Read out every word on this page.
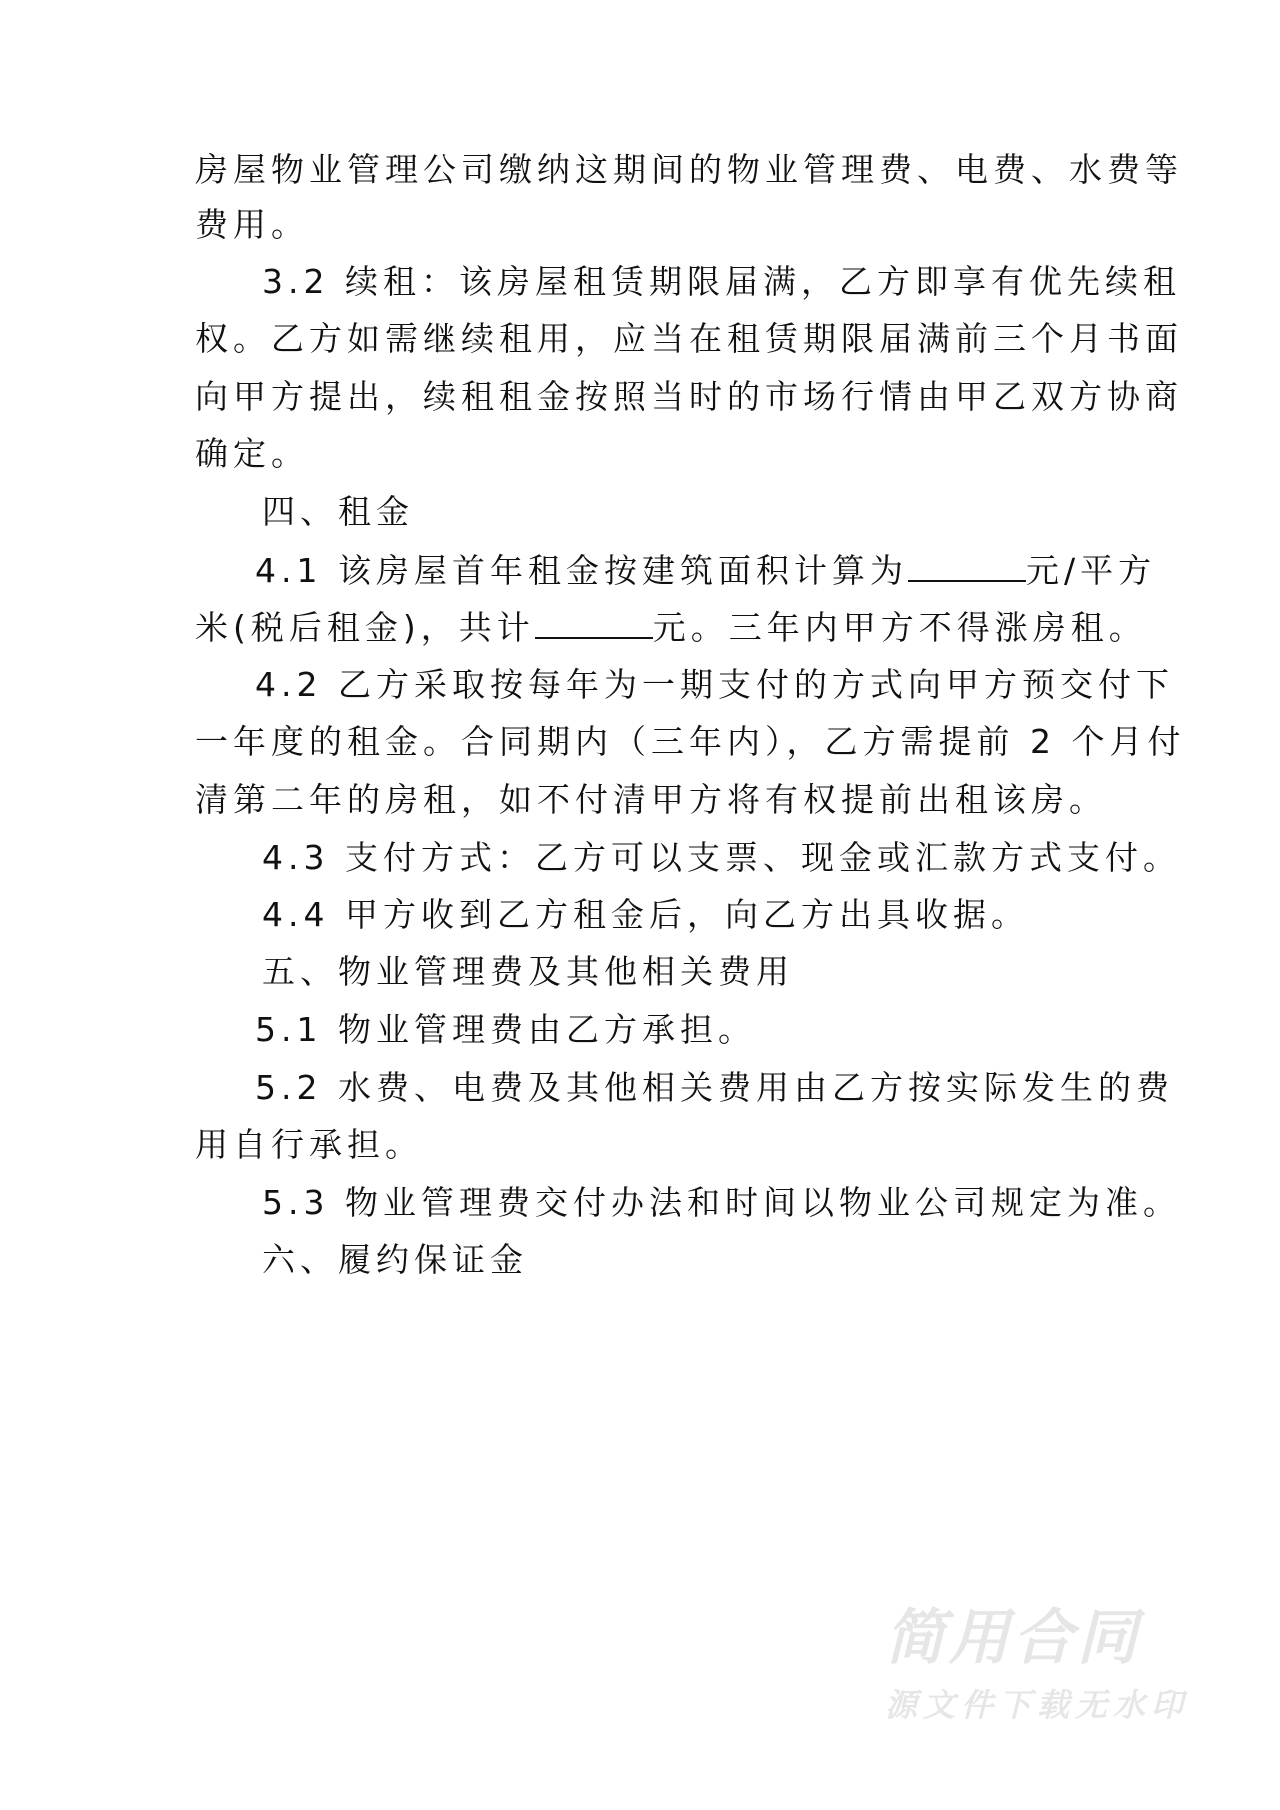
房屋物业管理公司缴纳这期间的物业管理费、电费、水费等
费用。
3.2 续租：该房屋租赁期限届满，乙方即享有优先续租
权。乙方如需继续租用，应当在租赁期限届满前三个月书面
向甲方提出，续租租金按照当时的市场行情由甲乙双方协商
确定。
四、租金
4.1 该房屋首年租金按建筑面积计算为	元/平方
米(税后租金)，共计	元。三年内甲方不得涨房租。
4.2 乙方采取按每年为一期支付的方式向甲方预交付下
一年度的租金。合同期内（三年内），乙方需提前 2 个月付
清第二年的房租，如不付清甲方将有权提前出租该房。
4.3 支付方式：乙方可以支票、现金或汇款方式支付。
4.4 甲方收到乙方租金后，向乙方出具收据。
五、物业管理费及其他相关费用
5.1 物业管理费由乙方承担。
5.2 水费、电费及其他相关费用由乙方按实际发生的费
用自行承担。
5.3 物业管理费交付办法和时间以物业公司规定为准。
六、履约保证金
简用合同
源文件下载无水印
